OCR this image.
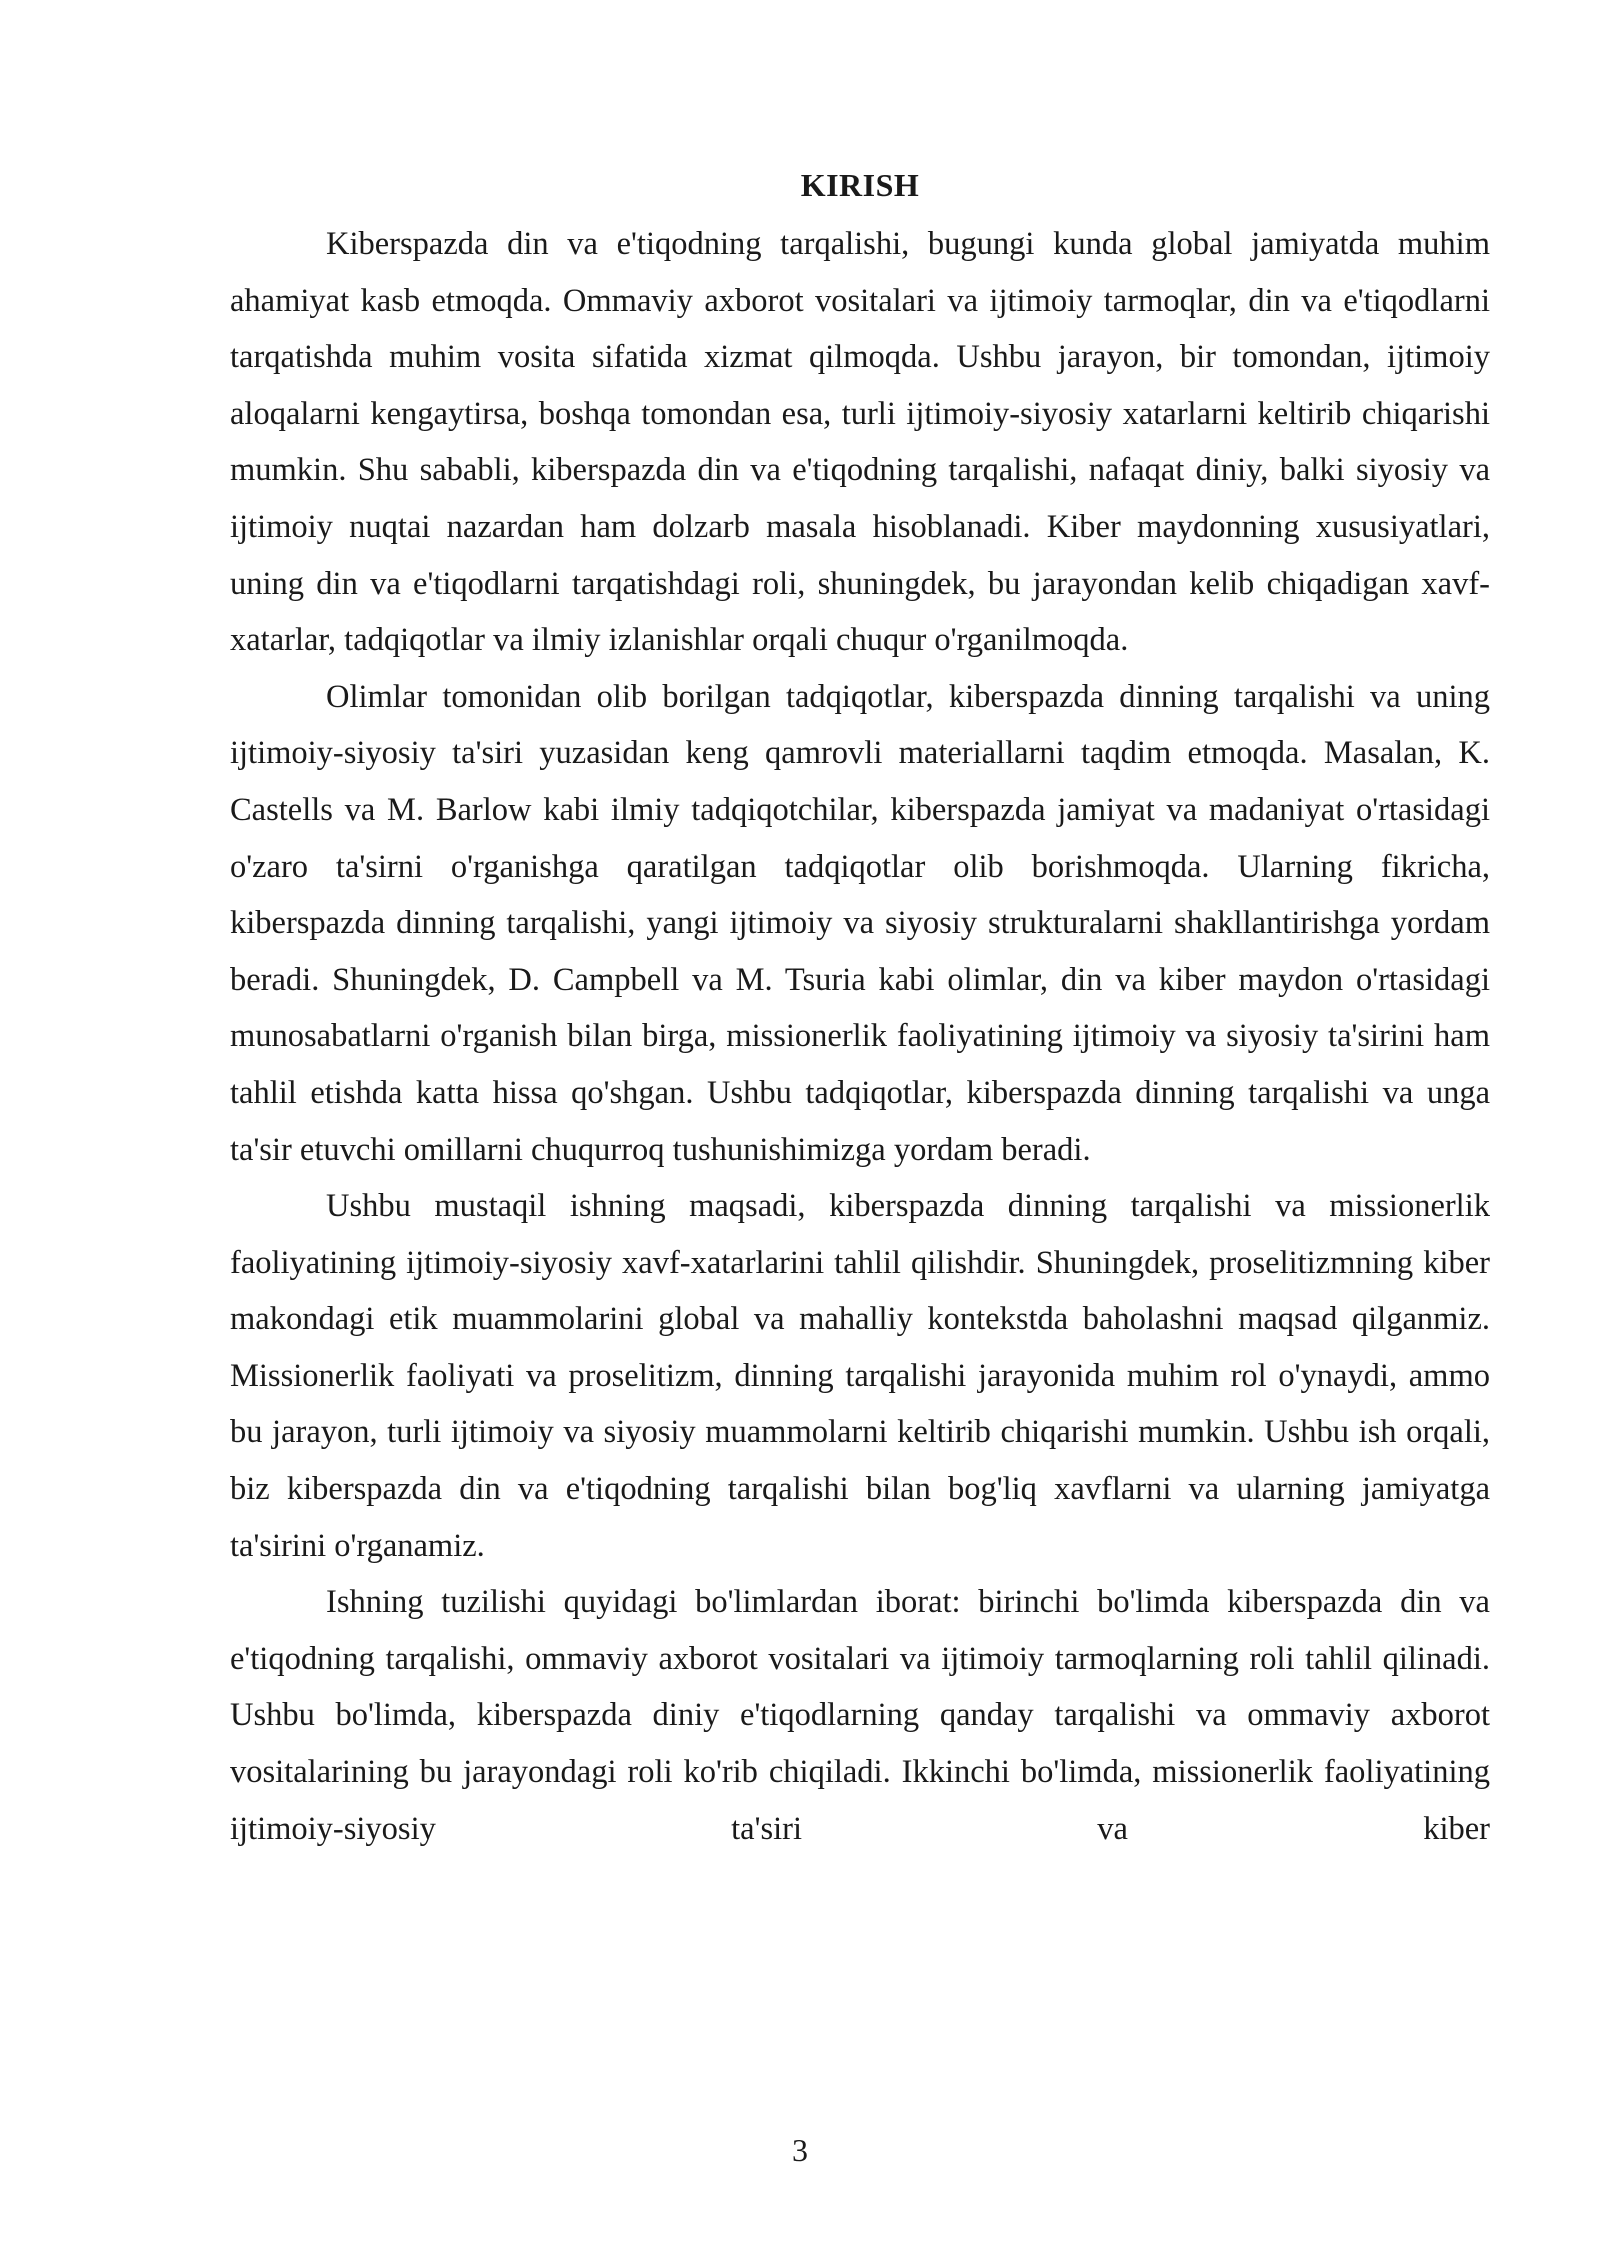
KIRISH

Kiberspazda din va e'tiqodning tarqalishi, bugungi kunda global jamiyatda muhim ahamiyat kasb etmoqda. Ommaviy axborot vositalari va ijtimoiy tarmoqlar, din va e'tiqodlarni tarqatishda muhim vosita sifatida xizmat qilmoqda. Ushbu jarayon, bir tomondan, ijtimoiy aloqalarni kengaytirsa, boshqa tomondan esa, turli ijtimoiy-siyosiy xatarlarni keltirib chiqarishi mumkin. Shu sababli, kiberspazda din va e'tiqodning tarqalishi, nafaqat diniy, balki siyosiy va ijtimoiy nuqtai nazardan ham dolzarb masala hisoblanadi. Kiber maydonning xususiyatlari, uning din va e'tiqodlarni tarqatishdagi roli, shuningdek, bu jarayondan kelib chiqadigan xavf-xatarlar, tadqiqotlar va ilmiy izlanishlar orqali chuqur o'rganilmoqda.

Olimlar tomonidan olib borilgan tadqiqotlar, kiberspazda dinning tarqalishi va uning ijtimoiy-siyosiy ta'siri yuzasidan keng qamrovli materiallarni taqdim etmoqda. Masalan, K. Castells va M. Barlow kabi ilmiy tadqiqotchilar, kiberspazda jamiyat va madaniyat o'rtasidagi o'zaro ta'sirni o'rganishga qaratilgan tadqiqotlar olib borishmoqda. Ularning fikricha, kiberspazda dinning tarqalishi, yangi ijtimoiy va siyosiy strukturalarni shakllantirishga yordam beradi. Shuningdek, D. Campbell va M. Tsuria kabi olimlar, din va kiber maydon o'rtasidagi munosabatlarni o'rganish bilan birga, missionerlik faoliyatining ijtimoiy va siyosiy ta'sirini ham tahlil etishda katta hissa qo'shgan. Ushbu tadqiqotlar, kiberspazda dinning tarqalishi va unga ta'sir etuvchi omillarni chuqurroq tushunishimizga yordam beradi.

Ushbu mustaqil ishning maqsadi, kiberspazda dinning tarqalishi va missionerlik faoliyatining ijtimoiy-siyosiy xavf-xatarlarini tahlil qilishdir. Shuningdek, proselitizmning kiber makondagi etik muammolarini global va mahalliy kontekstda baholashni maqsad qilganmiz. Missionerlik faoliyati va proselitizm, dinning tarqalishi jarayonida muhim rol o'ynaydi, ammo bu jarayon, turli ijtimoiy va siyosiy muammolarni keltirib chiqarishi mumkin. Ushbu ish orqali, biz kiberspazda din va e'tiqodning tarqalishi bilan bog'liq xavflarni va ularning jamiyatga ta'sirini o'rganamiz.

Ishning tuzilishi quyidagi bo'limlardan iborat: birinchi bo'limda kiberspazda din va e'tiqodning tarqalishi, ommaviy axborot vositalari va ijtimoiy tarmoqlarning roli tahlil qilinadi. Ushbu bo'limda, kiberspazda diniy e'tiqodlarning qanday tarqalishi va ommaviy axborot vositalarining bu jarayondagi roli ko'rib chiqiladi. Ikkinchi bo'limda, missionerlik faoliyatining ijtimoiy-siyosiy ta'siri va kiber

3
